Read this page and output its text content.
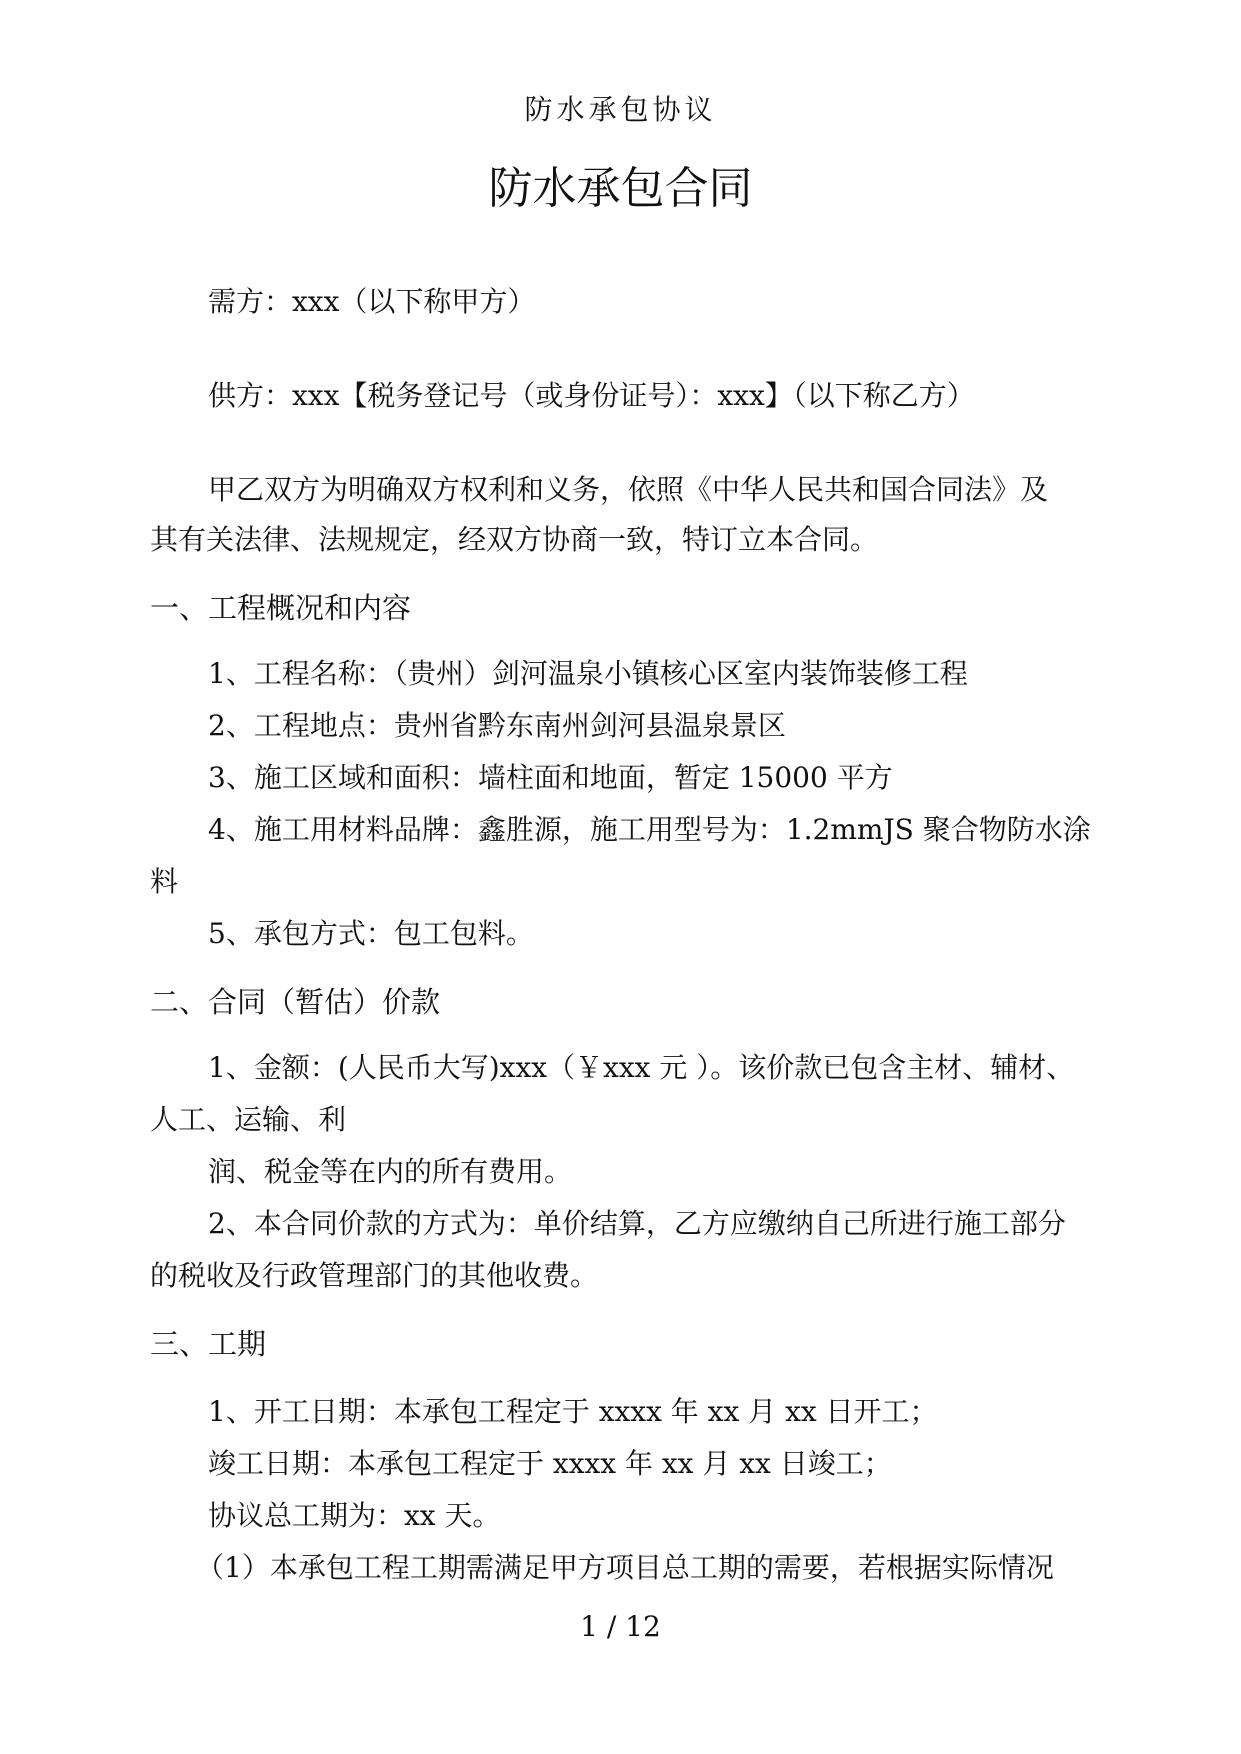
防水承包协议
防水承包合同
需方：xxx（以下称甲方）
供方：xxx【税务登记号（或身份证号）：xxx】（以下称乙方）
甲乙双方为明确双方权利和义务，依照《中华人民共和国合同法》及
其有关法律、法规规定，经双方协商一致，特订立本合同。
一、工程概况和内容
1、工程名称：（贵州）剑河温泉小镇核心区室内装饰装修工程
2、工程地点：贵州省黔东南州剑河县温泉景区
3、施工区域和面积：墙柱面和地面，暂定 15000 平方
4、施工用材料品牌：鑫胜源，施工用型号为：1.2mmJS 聚合物防水涂
料
5、承包方式：包工包料。
二、合同（暂估）价款
1、金额：(人民币大写)xxx（￥xxx 元 ）。该价款已包含主材、辅材、
人工、运输、利
润、税金等在内的所有费用。
2、本合同价款的方式为：单价结算，乙方应缴纳自己所进行施工部分
的税收及行政管理部门的其他收费。
三、工期
1、开工日期：本承包工程定于 xxxx 年 xx 月 xx 日开工；
竣工日期：本承包工程定于 xxxx 年 xx 月 xx 日竣工；
协议总工期为：xx 天。
（1）本承包工程工期需满足甲方项目总工期的需要，若根据实际情况
1 / 12
